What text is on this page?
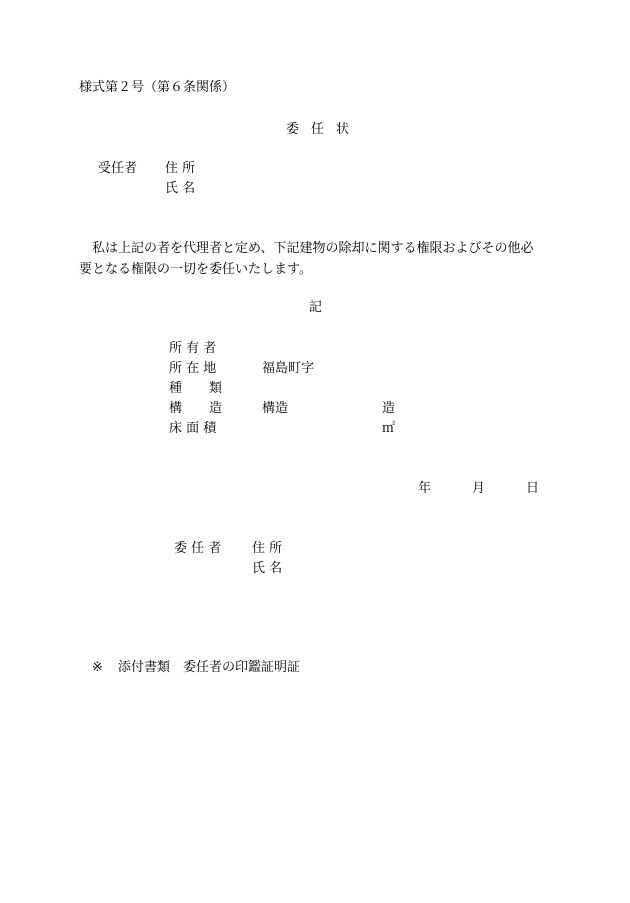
様式第２号（第６条関係）
委 任 状
受任者 住 所
氏 名
私は上記の者を代理者と定め、下記建物の除却に関する権限およびその他必
要となる権限の一切を委任いたします。
記
所 有 者
所 在 地	福島町字
種 類
構 造	構造	造
床 面 積	㎡
年	月	日
委 任 者 住 所
氏 名
※ 添付書類　委任者の印鑑証明証
